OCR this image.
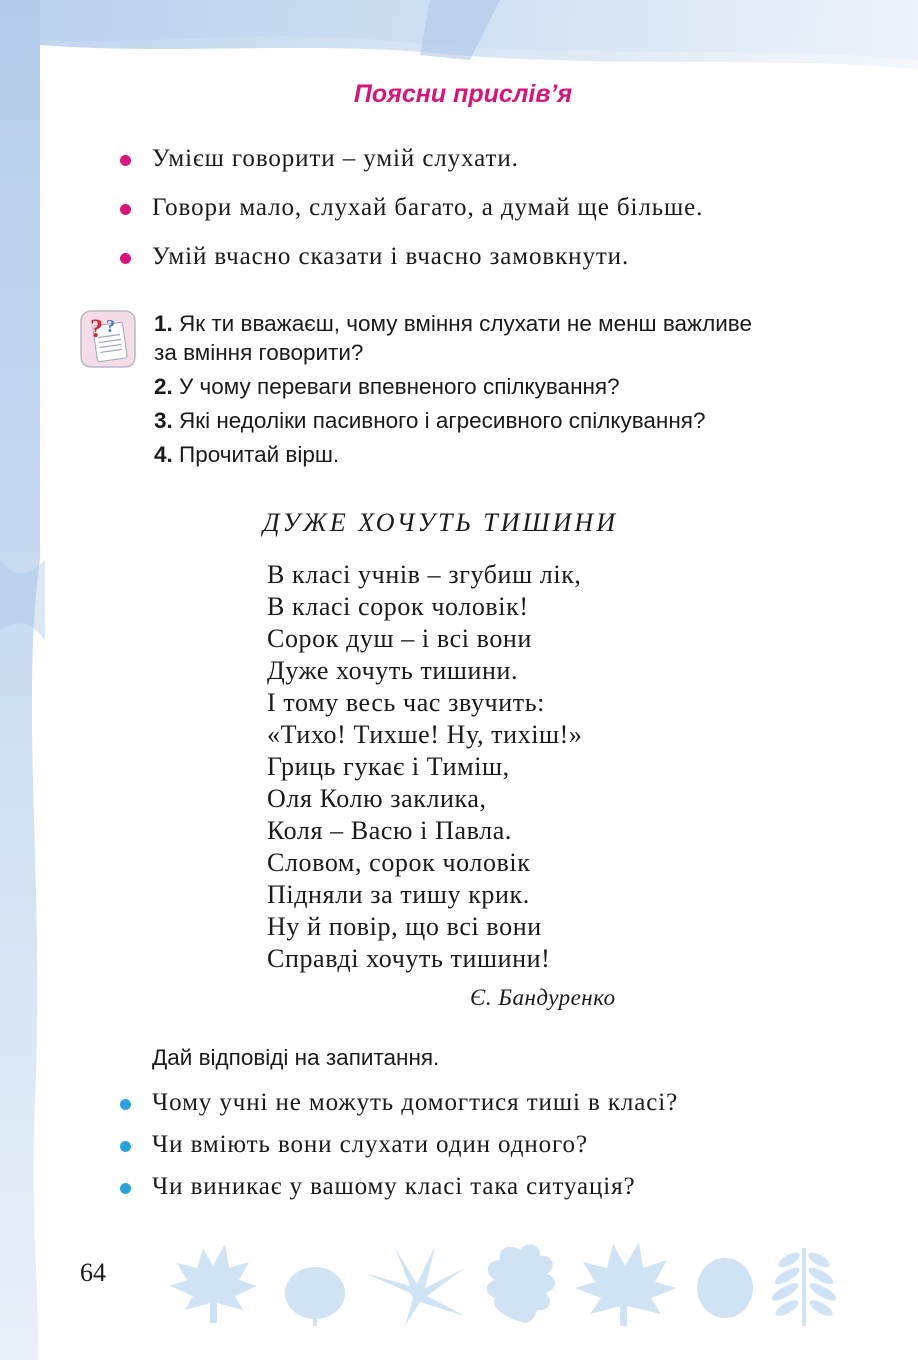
Поясни прислів’я
Умієш говорити – умій слухати.
Говори мало, слухай багато, а думай ще більше.
Умій вчасно сказати і вчасно замовкнути.
? ? 1. Як ти вважаєш, чому вміння слухати не менш важливе
за вміння говорити?
2. У чому переваги впевненого спілкування?
3. Які недоліки пасивного і агресивного спілкування?
4. Прочитай вірш.
ДУЖЕ ХОЧУТЬ ТИШИНИ
В класі учнів – згубиш лік,
В класі сорок чоловік!
Сорок душ – і всі вони
Дуже хочуть тишини.
І тому весь час звучить:
«Тихо! Тихше! Ну, тихіш!»
Гриць гукає і Тиміш,
Оля Колю заклика,
Коля – Васю і Павла.
Словом, сорок чоловік
Підняли за тишу крик.
Ну й повір, що всі вони
Справді хочуть тишини!
Є. Бандуренко
Дай відповіді на запитання.
Чому учні не можуть домогтися тиші в класі?
Чи вміють вони слухати один одного?
Чи виникає у вашому класі така ситуація?
64
